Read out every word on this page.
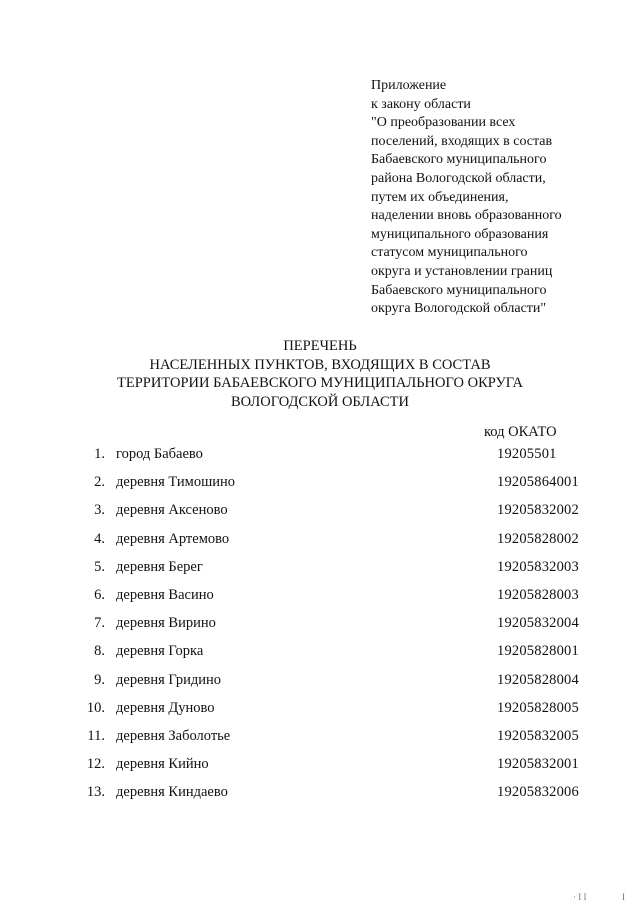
Приложение
к закону области
"О преобразовании всех
поселений, входящих в состав
Бабаевского муниципального
района Вологодской области,
путем их объединения,
наделении вновь образованного
муниципального образования
статусом муниципального
округа и установлении границ
Бабаевского муниципального
округа Вологодской области"
ПЕРЕЧЕНЬ
НАСЕЛЕННЫХ ПУНКТОВ, ВХОДЯЩИХ В СОСТАВ
ТЕРРИТОРИИ БАБАЕВСКОГО МУНИЦИПАЛЬНОГО ОКРУГА
ВОЛОГОДСКОЙ ОБЛАСТИ
код ОКАТО
1. город Бабаево	19205501
2. деревня Тимошино	19205864001
3. деревня Аксеново	19205832002
4. деревня Артемово	19205828002
5. деревня Берег	19205832003
6. деревня Васино	19205828003
7. деревня Вирино	19205832004
8. деревня Горка	19205828001
9. деревня Гридино	19205828004
10. деревня Дуново	19205828005
11. деревня Заболотье	19205832005
12. деревня Кийно	19205832001
13. деревня Киндаево	19205832006
· I I	I
